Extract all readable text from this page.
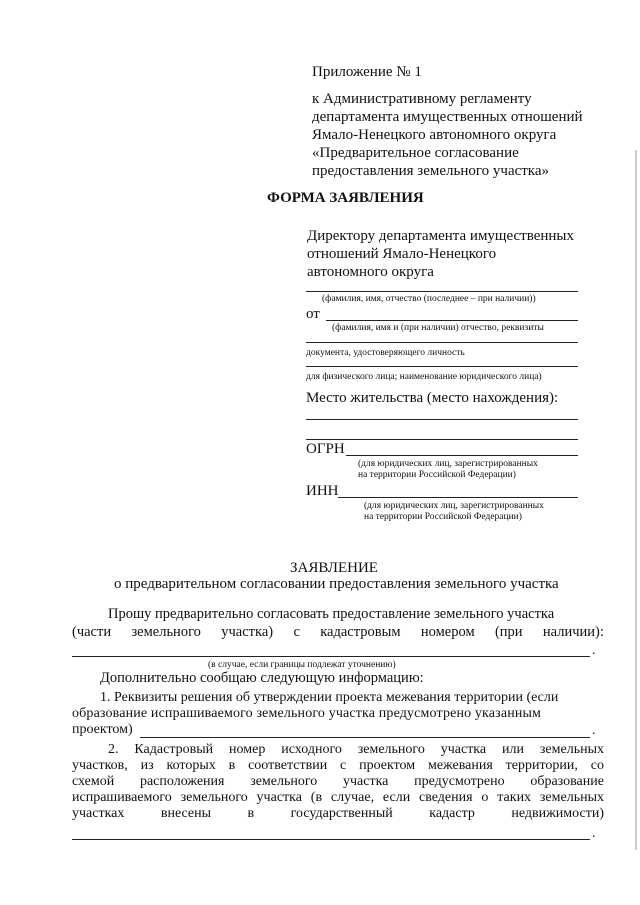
Приложение № 1
к Административному регламенту
департамента имущественных отношений
Ямало-Ненецкого автономного округа
«Предварительное согласование
предоставления земельного участка»
ФОРМА ЗАЯВЛЕНИЯ
Директору департамента имущественных
отношений Ямало-Ненецкого
автономного округа
(фамилия, имя, отчество (последнее – при наличии))
от
(фамилия, имя и (при наличии) отчество, реквизиты
документа, удостоверяющего личность
для физического лица; наименование юридического лица)
Место жительства (место нахождения):
ОГРН
(для юридических лиц, зарегистрированных
на территории Российской Федерации)
ИНН
(для юридических лиц, зарегистрированных
на территории Российской Федерации)
ЗАЯВЛЕНИЕ
о предварительном согласовании предоставления земельного участка
Прошу предварительно согласовать предоставление земельного участка
(части земельного участка) с кадастровым номером (при наличии):
.
(в случае, если границы подлежат уточнению)
Дополнительно сообщаю следующую информацию:
1. Реквизиты решения об утверждении проекта межевания территории (если
образование испрашиваемого земельного участка предусмотрено указанным
проектом)	.
2. Кадастровый номер исходного земельного участка или земельных
участков, из которых в соответствии с проектом межевания территории, со
схемой расположения земельного участка предусмотрено образование
испрашиваемого земельного участка (в случае, если сведения о таких земельных
участках	внесены	в	государственный	кадастр	недвижимости)
.
